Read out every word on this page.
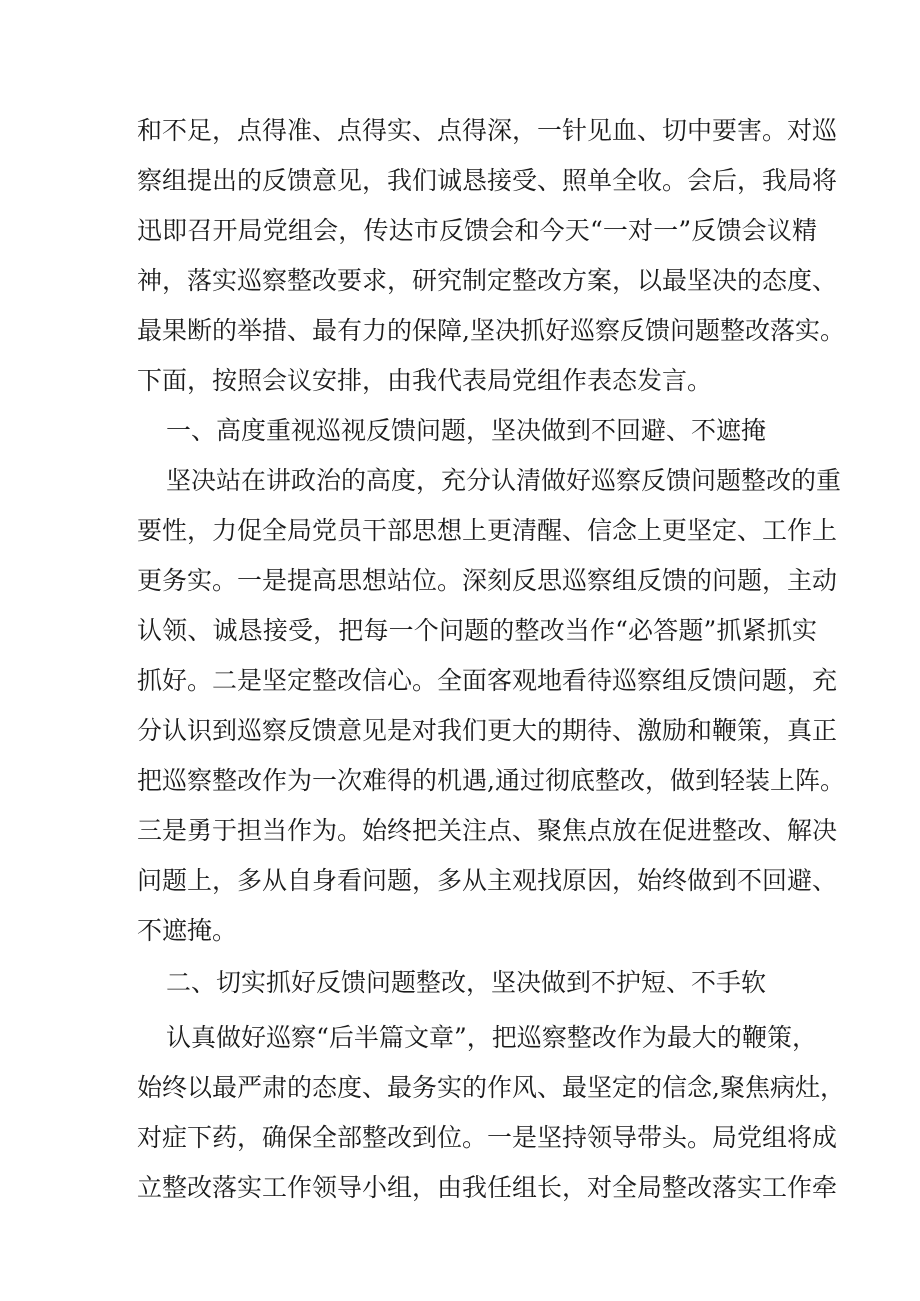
和不足，点得准、点得实、点得深，一针见血、切中要害。对巡
察组提出的反馈意见，我们诚恳接受、照单全收。会后，我局将
迅即召开局党组会，传达市反馈会和今天“一对一”反馈会议精
神，落实巡察整改要求，研究制定整改方案，以最坚决的态度、
最果断的举措、最有力的保障,坚决抓好巡察反馈问题整改落实。
下面，按照会议安排，由我代表局党组作表态发言。
一、高度重视巡视反馈问题，坚决做到不回避、不遮掩
坚决站在讲政治的高度，充分认清做好巡察反馈问题整改的重
要性，力促全局党员干部思想上更清醒、信念上更坚定、工作上
更务实。一是提高思想站位。深刻反思巡察组反馈的问题，主动
认领、诚恳接受，把每一个问题的整改当作“必答题”抓紧抓实
抓好。二是坚定整改信心。全面客观地看待巡察组反馈问题，充
分认识到巡察反馈意见是对我们更大的期待、激励和鞭策，真正
把巡察整改作为一次难得的机遇,通过彻底整改，做到轻装上阵。
三是勇于担当作为。始终把关注点、聚焦点放在促进整改、解决
问题上，多从自身看问题，多从主观找原因，始终做到不回避、
不遮掩。
二、切实抓好反馈问题整改，坚决做到不护短、不手软
认真做好巡察“后半篇文章”，把巡察整改作为最大的鞭策，
始终以最严肃的态度、最务实的作风、最坚定的信念,聚焦病灶，
对症下药，确保全部整改到位。一是坚持领导带头。局党组将成
立整改落实工作领导小组，由我任组长，对全局整改落实工作牵
